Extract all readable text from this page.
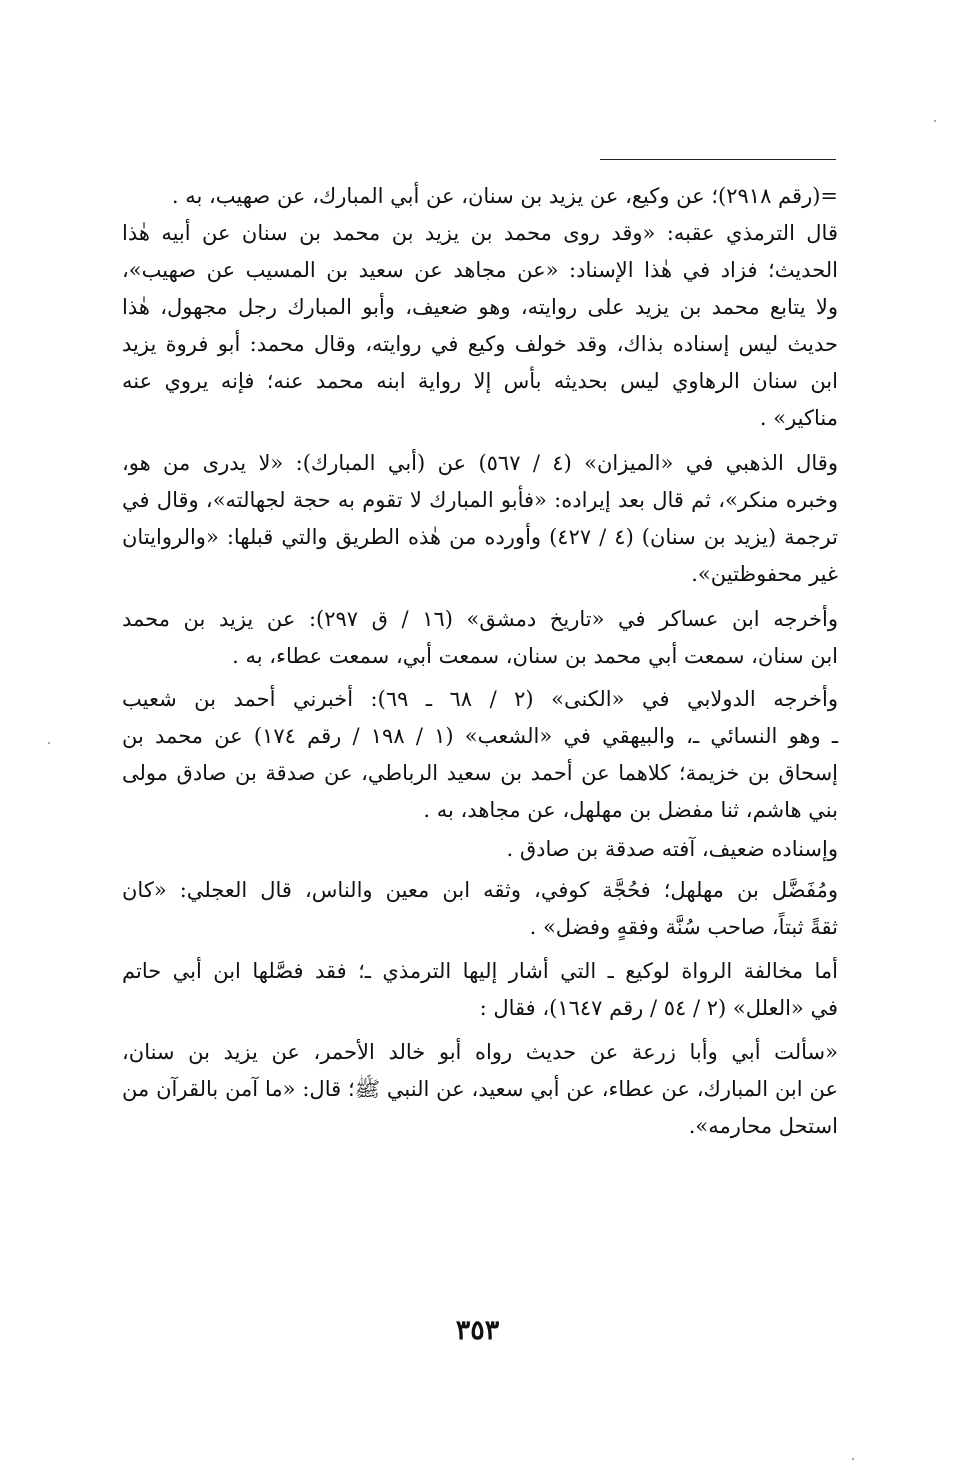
=(رقم ٢٩١٨)؛ عن وكيع، عن يزيد بن سنان، عن أبي المبارك، عن صهيب، به .
قال الترمذي عقبه: «وقد روى محمد بن يزيد بن محمد بن سنان عن أبيه هٰذا
الحديث؛ فزاد في هٰذا الإسناد: «عن مجاهد عن سعيد بن المسيب عن صهيب»،
ولا يتابع محمد بن يزيد على روايته، وهو ضعيف، وأبو المبارك رجل مجهول، هٰذا
حديث ليس إسناده بذاك، وقد خولف وكيع في روايته، وقال محمد: أبو فروة يزيد
ابن سنان الرهاوي ليس بحديثه بأس إلا رواية ابنه محمد عنه؛ فإنه يروي عنه
مناكير» .
وقال الذهبي في «الميزان» (٤ / ٥٦٧) عن (أبي المبارك): «لا يدرى من هو،
وخبره منكر»، ثم قال بعد إيراده: «فأبو المبارك لا تقوم به حجة لجهالته»، وقال في
ترجمة (يزيد بن سنان) (٤ / ٤٢٧) وأورده من هٰذه الطريق والتي قبلها: «والروايتان
غير محفوظتين».
وأخرجه ابن عساكر في «تاريخ دمشق» (١٦ / ق ٢٩٧): عن يزيد بن محمد
ابن سنان، سمعت أبي محمد بن سنان، سمعت أبي، سمعت عطاء، به .
وأخرجه الدولابي في «الكنى» (٢ / ٦٨ ـ ٦٩): أخبرني أحمد بن شعيب
ـ وهو النسائي ـ، والبيهقي في «الشعب» (١ / ١٩٨ / رقم ١٧٤) عن محمد بن
إسحاق بن خزيمة؛ كلاهما عن أحمد بن سعيد الرباطي، عن صدقة بن صادق مولى
بني هاشم، ثنا مفضل بن مهلهل، عن مجاهد، به .
وإسناده ضعيف، آفته صدقة بن صادق .
ومُفَضَّل بن مهلهل؛ فحُجَّة كوفي، وثقه ابن معين والناس، قال العجلي: «كان
ثقةً ثبتاً، صاحب سُنَّة وفقهٍ وفضل» .
أما مخالفة الرواة لوكيع ـ التي أشار إليها الترمذي ـ؛ فقد فصَّلها ابن أبي حاتم
في «العلل» (٢ / ٥٤ / رقم ١٦٤٧)، فقال :
«سألت أبي وأبا زرعة عن حديث رواه أبو خالد الأحمر، عن يزيد بن سنان،
عن ابن المبارك، عن عطاء، عن أبي سعيد، عن النبي ﷺ؛ قال: «ما آمن بالقرآن من
استحل محارمه».
٣٥٣
